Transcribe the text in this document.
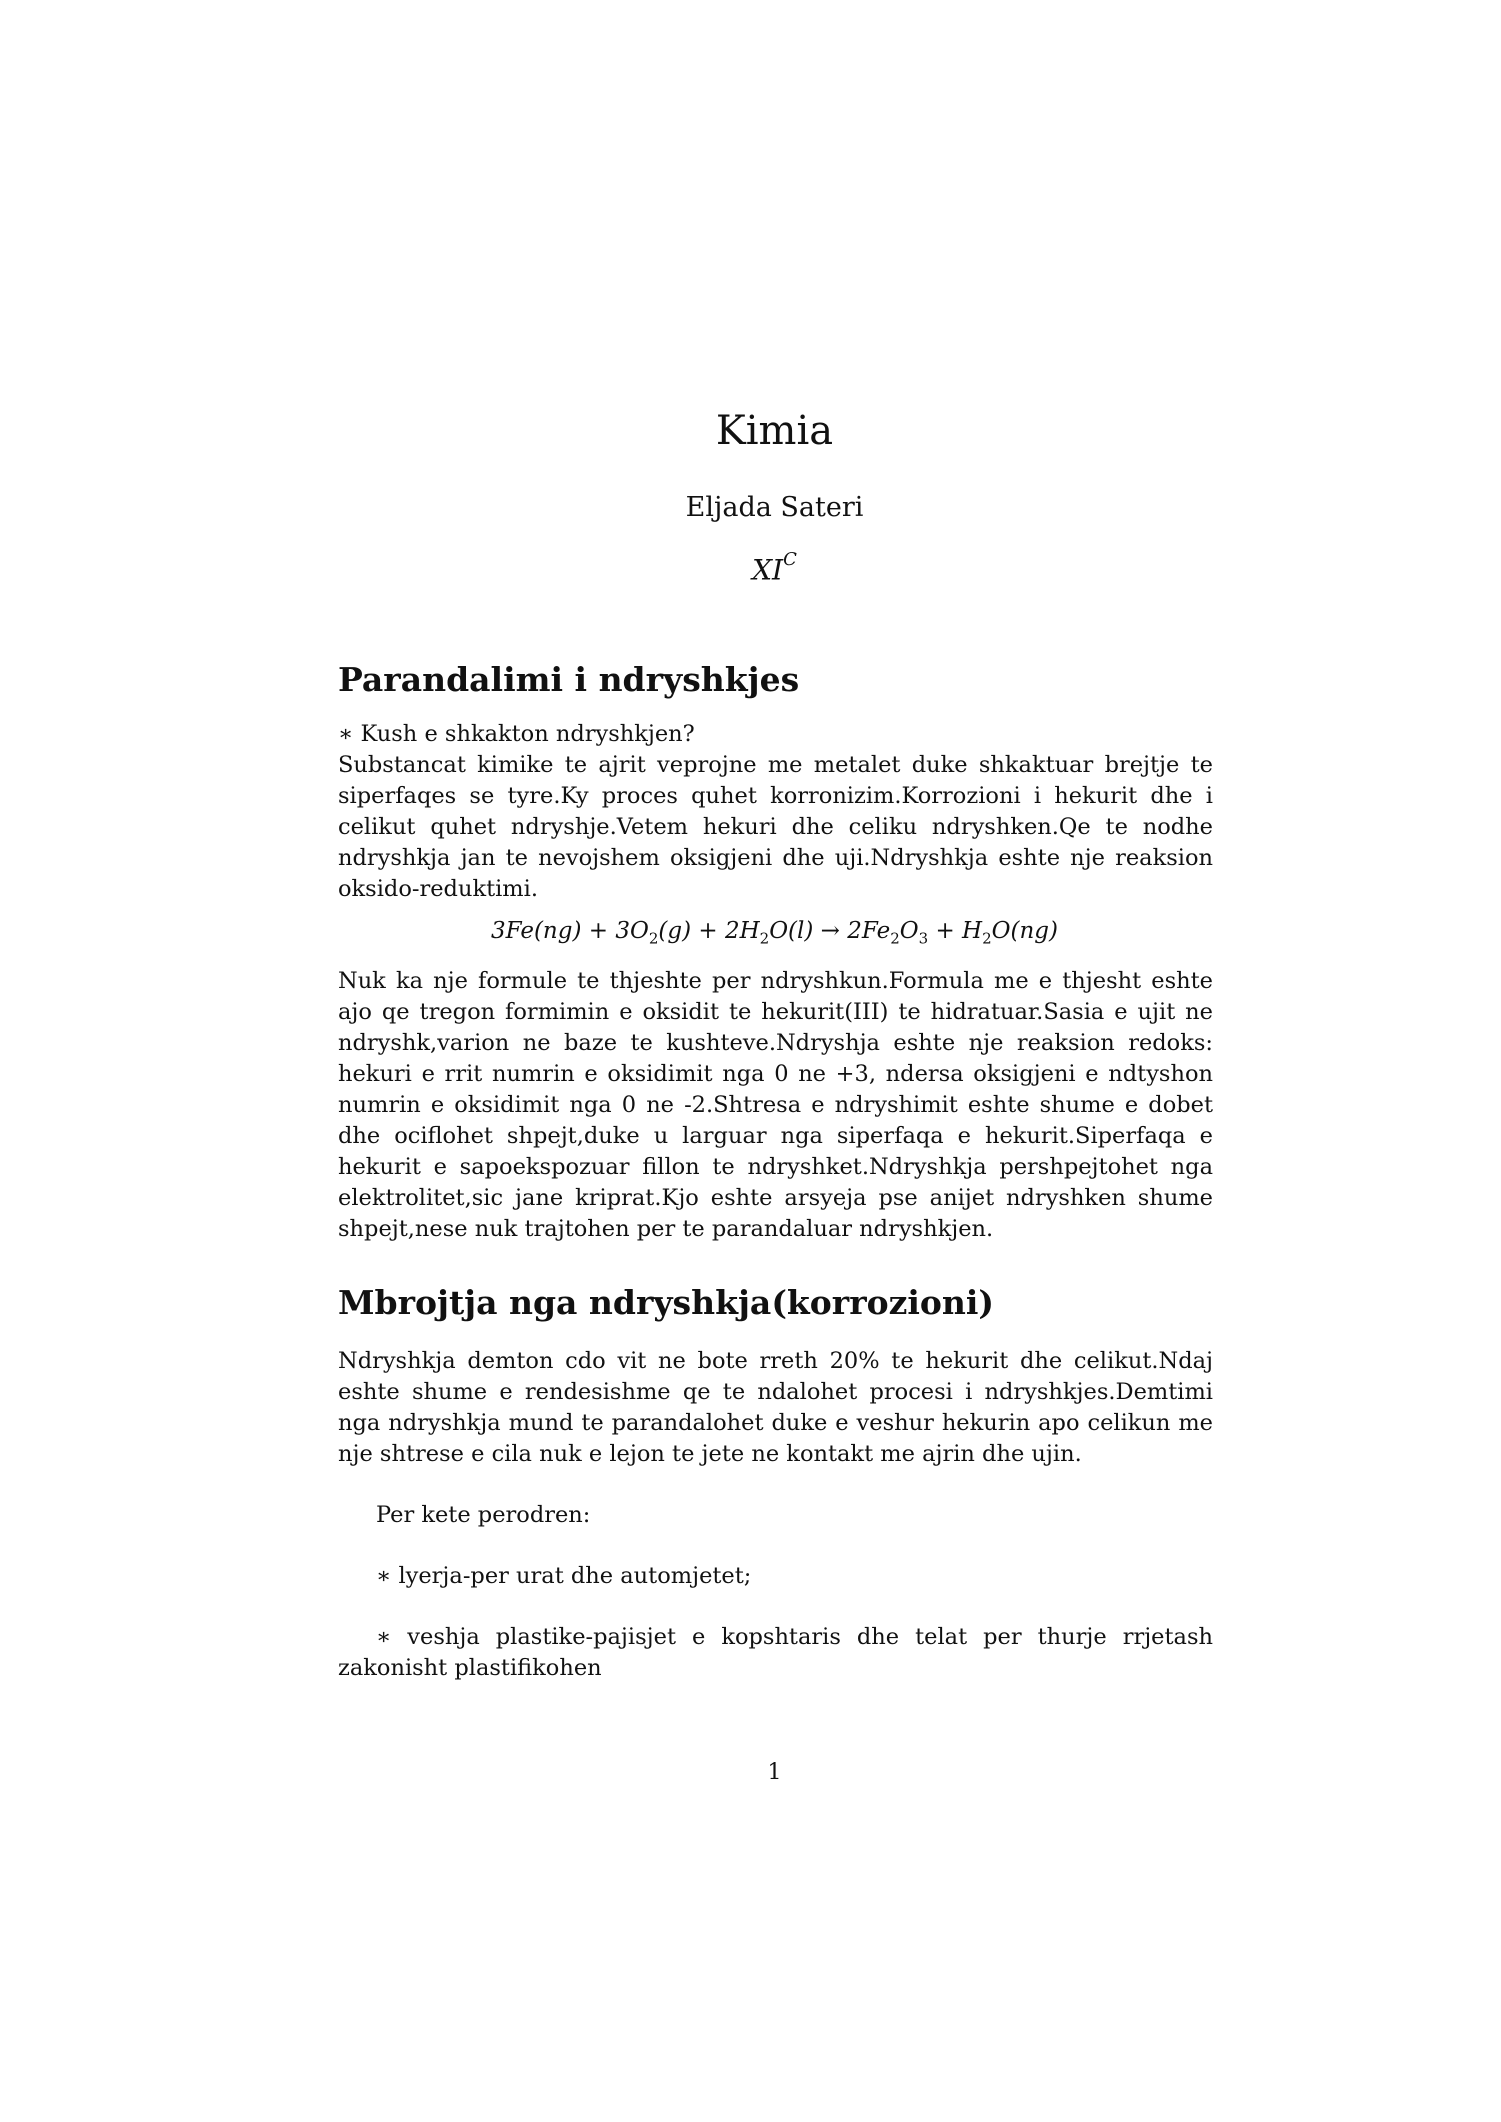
Kimia
Eljada Sateri
$XI^C$
Parandalimi i ndryshkjes

∗ Kush e shkakton ndryshkjen?

Substancat kimike te ajrit veprojne me metalet duke shkaktuar brejtje te siperfaqes se tyre.Ky proces quhet korronizim.Korrozioni i hekurit dhe i celikut quhet ndryshje.Vetem hekuri dhe celiku ndryshken.Qe te nodhe ndryshkja jan te nevojshem oksigjeni dhe uji.Ndryshkja eshte nje reaksion oksido-reduktimi.

$3Fe(ng) + 3O_2(g) + 2H_2O(l) \to 2Fe_2O_3 + H_2O(ng)$

Nuk ka nje formule te thjeshte per ndryshkun.Formula me e thjesht eshte ajo qe tregon formimin e oksidit te hekurit(III) te hidratuar.Sasia e ujit ne ndryshk,varion ne baze te kushteve.Ndryshja eshte nje reaksion redoks: hekuri e rrit numrin e oksidimit nga 0 ne +3, ndersa oksigjeni e ndtyshon numrin e oksidimit nga 0 ne -2.Shtresa e ndryshimit eshte shume e dobet dhe ociflohet shpejt,duke u larguar nga siperfaqa e hekurit.Siperfaqa e hekurit e sapoekspozuar fillon te ndryshket.Ndryshkja pershpejtohet nga elektrolitet,sic jane kriprat.Kjo eshte arsyeja pse anijet ndryshken shume shpejt,nese nuk trajtohen per te parandaluar ndryshkjen.

Mbrojtja nga ndryshkja(korrozioni)

Ndryshkja demton cdo vit ne bote rreth 20% te hekurit dhe celikut.Ndaj eshte shume e rendesishme qe te ndalohet procesi i ndryshkjes.Demtimi nga ndryshkja mund te parandalohet duke e veshur hekurin apo celikun me nje shtrese e cila nuk e lejon te jete ne kontakt me ajrin dhe ujin.

Per kete perodren:

∗ lyerja-per urat dhe automjetet;

∗ veshja plastike-pajisjet e kopshtaris dhe telat per thurje rrjetash zakonisht plastifikohen

1
